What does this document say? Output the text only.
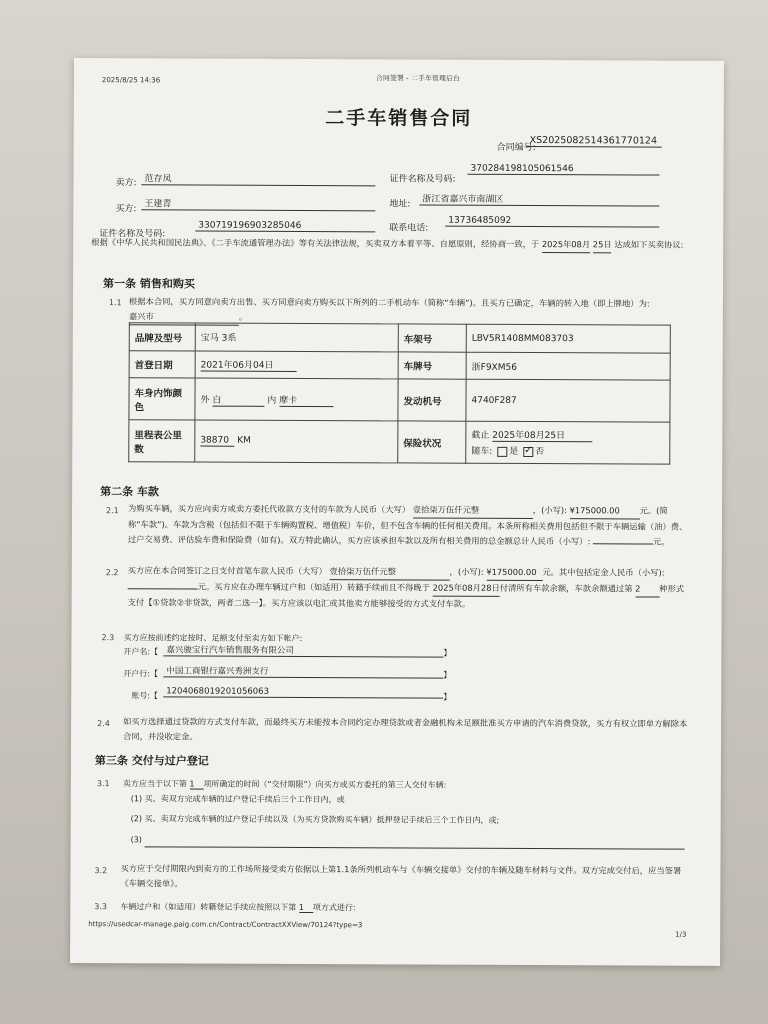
2025/8/25 14:36	合同签署 - 二手车管理后台
二手车销售合同
合同编号:
XS2025082514361770124
卖方: 范存凤	证件名称及号码:
370284198105061546
买方: 王建青	地址:	浙江省嘉兴市南湖区
证件名称及号码:
330719196903285046	联系电话:
13736485092
根据《中华人民共和国民法典》、《二手车流通管理办法》等有关法律法规，买卖双方本着平等、自愿原则，经协商一致，于 2025年08月 25日 达成如下买卖协议:
第一条 销售和购买
1.1 根据本合同，买方同意向卖方出售、买方同意向卖方购买以下所列的二手机动车（简称“车辆”)。且买方已确定，车辆的转入地（即上牌地）为: 嘉兴市	。
品牌及型号	宝马 3系	车架号	LBV5R1408MM083703
首登日期	2021年06月04日	车牌号	浙F9XM56
车身内饰颜色	外 白 内 摩卡	发动机号	4740F287
里程表公里数	38870 KM	保险状况	截止 2025年08月25日
随车: 是 ✓ 否
第二条 车款
2.1 为购买车辆，买方应向卖方或卖方委托代收款方支付的车款为人民币（大写） 壹拾柒万伍仟元整	，(小写): ¥175000.00 元。(简称“车款”)。车款为含税（包括但不限于车辆购置税、增值税）车价，但不包含车辆的任何相关费用。本条所称相关费用包括但不限于车辆运输（油）费、过户交易费、评估验车费和保险费（如有)。双方特此确认，买方应该承担车款以及所有相关费用的总金额总计人民币（小写）:	元。
2.2 买方应在本合同签订之日支付首笔车款人民币（大写） 壹拾柒万伍仟元整	，(小写): ¥175000.00 元。其中包括定金人民币（小写): 元。买方应在办理车辆过户和（如适用）转籍手续前且不得晚于 2025年08月28日付清所有车款余额，车款余额通过第 2 种形式支付【①贷款②非贷款，两者二选一】。买方应该以电汇或其他卖方能够接受的方式支付车款。
2.3 买方应按前述约定按时、足额支付至卖方如下帐户:
开户名:【 嘉兴骏宝行汽车销售服务有限公司	】
开户行:【 中国工商银行嘉兴秀洲支行	】
账号:【 1204068019201056063
】
2.4 如买方选择通过贷款的方式支付车款，而最终买方未能按本合同约定办理贷款或者金融机构未足额批准买方申请的汽车消费贷款，买方有权立即单方解除本合同，并没收定金。
第三条 交付与过户登记
3.1 卖方应当于以下第 1 项所确定的时间（“交付期限”）向买方或买方委托的第三人交付车辆:
(1) 买、卖双方完成车辆的过户登记手续后三个工作日内，或
(2) 买、卖双方完成车辆的过户登记手续以及（为买方贷款购买车辆）抵押登记手续后三个工作日内，或;
(3)
3.2 买方应于交付期限内到卖方的工作场所接受卖方依据以上第1.1条所列机动车与《车辆交接单》交付的车辆及随车材料与文件。双方完成交付后，应当签署《车辆交接单》。
3.3 车辆过户和（如适用）转籍登记手续应按照以下第 1 项方式进行:
https://usedcar-manage.paig.com.cn/Contract/ContractXXView/70124?type=3
1/3
